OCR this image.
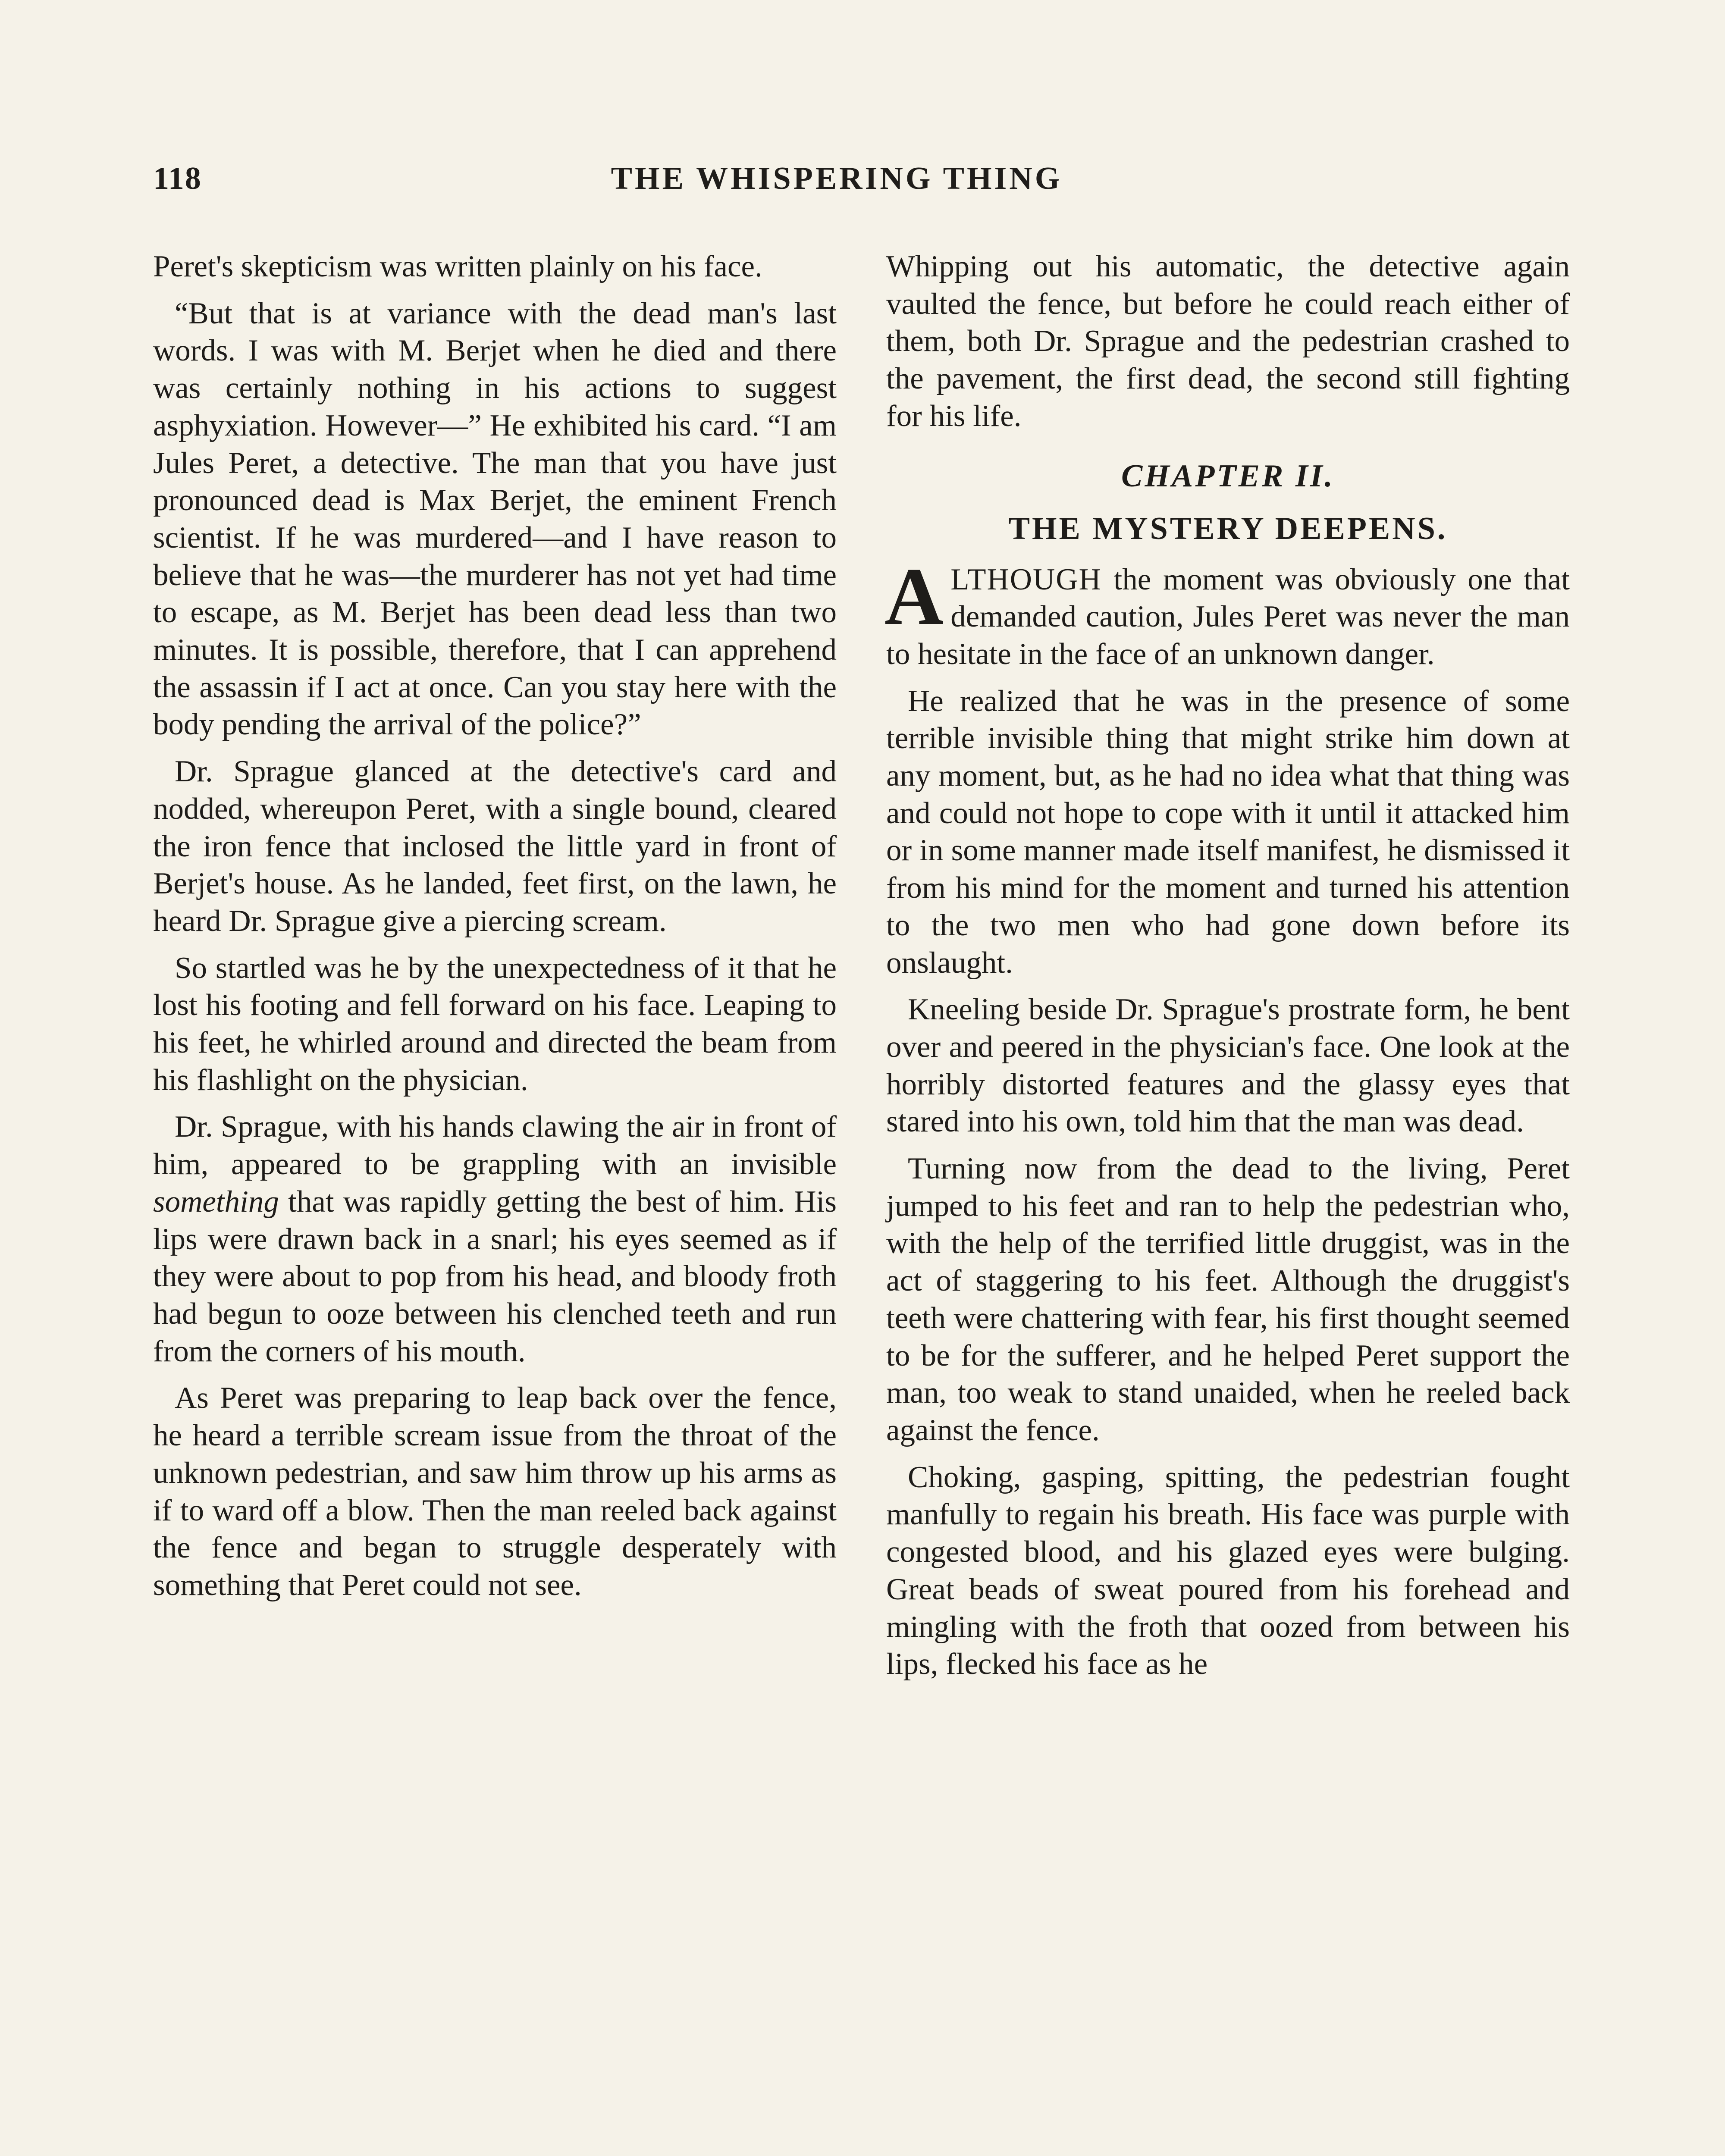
118	THE WHISPERING THING

Peret's skepticism was written plainly on his face.

“But that is at variance with the dead man's last words. I was with M. Berjet when he died and there was certainly nothing in his actions to suggest asphyxiation. However—” He exhibited his card. “I am Jules Peret, a detective. The man that you have just pronounced dead is Max Berjet, the eminent French scientist. If he was murdered—and I have reason to believe that he was—the murderer has not yet had time to escape, as M. Berjet has been dead less than two minutes. It is possible, therefore, that I can apprehend the assassin if I act at once. Can you stay here with the body pending the arrival of the police?”

Dr. Sprague glanced at the detective's card and nodded, whereupon Peret, with a single bound, cleared the iron fence that inclosed the little yard in front of Berjet's house. As he landed, feet first, on the lawn, he heard Dr. Sprague give a piercing scream.

So startled was he by the unexpectedness of it that he lost his footing and fell forward on his face. Leaping to his feet, he whirled around and directed the beam from his flashlight on the physician.

Dr. Sprague, with his hands clawing the air in front of him, appeared to be grappling with an invisible something that was rapidly getting the best of him. His lips were drawn back in a snarl; his eyes seemed as if they were about to pop from his head, and bloody froth had begun to ooze between his clenched teeth and run from the corners of his mouth.

As Peret was preparing to leap back over the fence, he heard a terrible scream issue from the throat of the unknown pedestrian, and saw him throw up his arms as if to ward off a blow. Then the man reeled back against the fence and began to struggle desperately with something that Peret could not see.

Whipping out his automatic, the detective again vaulted the fence, but before he could reach either of them, both Dr. Sprague and the pedestrian crashed to the pavement, the first dead, the second still fighting for his life.

CHAPTER II.
THE MYSTERY DEEPENS.

ALTHOUGH the moment was obviously one that demanded caution, Jules Peret was never the man to hesitate in the face of an unknown danger.

He realized that he was in the presence of some terrible invisible thing that might strike him down at any moment, but, as he had no idea what that thing was and could not hope to cope with it until it attacked him or in some manner made itself manifest, he dismissed it from his mind for the moment and turned his attention to the two men who had gone down before its onslaught.

Kneeling beside Dr. Sprague's prostrate form, he bent over and peered in the physician's face. One look at the horribly distorted features and the glassy eyes that stared into his own, told him that the man was dead.

Turning now from the dead to the living, Peret jumped to his feet and ran to help the pedestrian who, with the help of the terrified little druggist, was in the act of staggering to his feet. Although the druggist's teeth were chattering with fear, his first thought seemed to be for the sufferer, and he helped Peret support the man, too weak to stand unaided, when he reeled back against the fence.

Choking, gasping, spitting, the pedestrian fought manfully to regain his breath. His face was purple with congested blood, and his glazed eyes were bulging. Great beads of sweat poured from his forehead and mingling with the froth that oozed from between his lips, flecked his face as he
